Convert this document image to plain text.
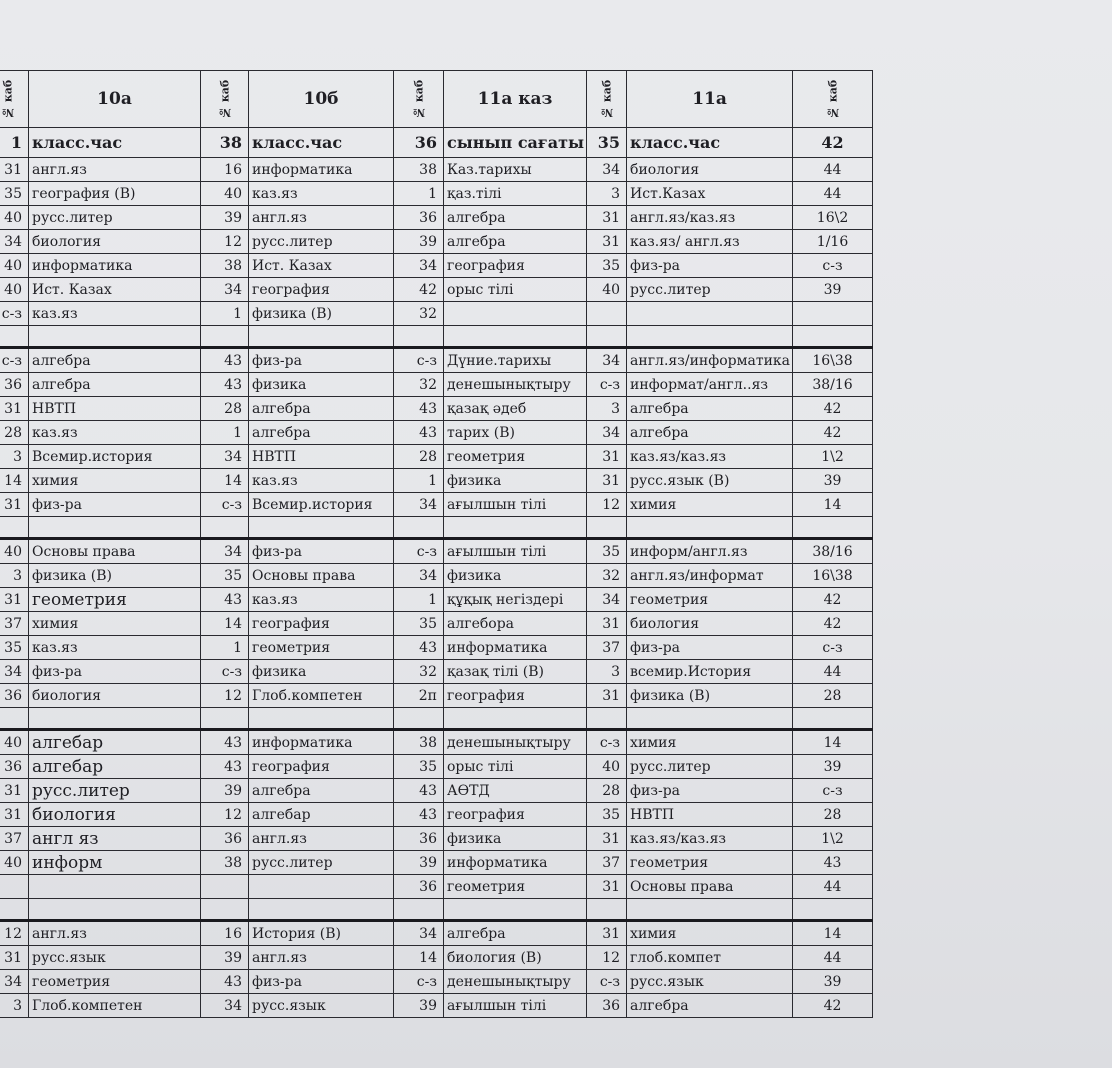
№ каб	10а	№ каб	10б	№ каб	11а каз	№ каб	11а	№ каб
1	класс.час	38	класс.час	36	сынып сағаты	35	класс.час	42
31	англ.яз	16	информатика	38	Каз.тарихы	34	биология	44
35	география (В)	40	каз.яз	1	қаз.тілі	3	Ист.Казах	44
40	русс.литер	39	англ.яз	36	алгебра	31	англ.яз/каз.яз	16\2
34	биология	12	русс.литер	39	алгебра	31	каз.яз/ англ.яз	1/16
40	информатика	38	Ист. Казах	34	география	35	физ-ра	с-з
40	Ист. Казах	34	география	42	орыс тілі	40	русс.литер	39
с-з	каз.яз	1	физика (В)	32				

с-з	алгебра	43	физ-ра	с-з	Дүние.тарихы	34	англ.яз/информатика	16\38
36	алгебра	43	физика	32	денешынықтыру	с-з	информат/англ..яз	38/16
31	НВТП	28	алгебра	43	қазақ әдеб	3	алгебра	42
28	каз.яз	1	алгебра	43	тарих (В)	34	алгебра	42
3	Всемир.история	34	НВТП	28	геометрия	31	каз.яз/каз.яз	1\2
14	химия	14	каз.яз	1	физика	31	русс.язык (В)	39
31	физ-ра	с-з	Всемир.история	34	ағылшын тілі	12	химия	14

40	Основы права	34	физ-ра	с-з	ағылшын тілі	35	информ/англ.яз	38/16
3	физика (В)	35	Основы права	34	физика	32	англ.яз/информат	16\38
31	геометрия	43	каз.яз	1	құқық негіздері	34	геометрия	42
37	химия	14	география	35	алгебора	31	биология	42
35	каз.яз	1	геометрия	43	информатика	37	физ-ра	с-з
34	физ-ра	с-з	физика	32	қазақ тілі (В)	3	всемир.История	44
36	биология	12	Глоб.компетен	2п	география	31	физика (В)	28

40	алгебар	43	информатика	38	денешынықтыру	с-з	химия	14
36	алгебар	43	география	35	орыс тілі	40	русс.литер	39
31	русс.литер	39	алгебра	43	АӨТД	28	физ-ра	с-з
31	биология	12	алгебар	43	география	35	НВТП	28
37	англ яз	36	англ.яз	36	физика	31	каз.яз/каз.яз	1\2
40	информ	38	русс.литер	39	информатика	37	геометрия	43
				36	геометрия	31	Основы права	44

12	англ.яз	16	История (В)	34	алгебра	31	химия	14
31	русс.язык	39	англ.яз	14	биология (В)	12	глоб.компет	44
34	геометрия	43	физ-ра	с-з	денешынықтыру	с-з	русс.язык	39
3	Глоб.компетен	34	русс.язык	39	ағылшын тілі	36	алгебра	42
